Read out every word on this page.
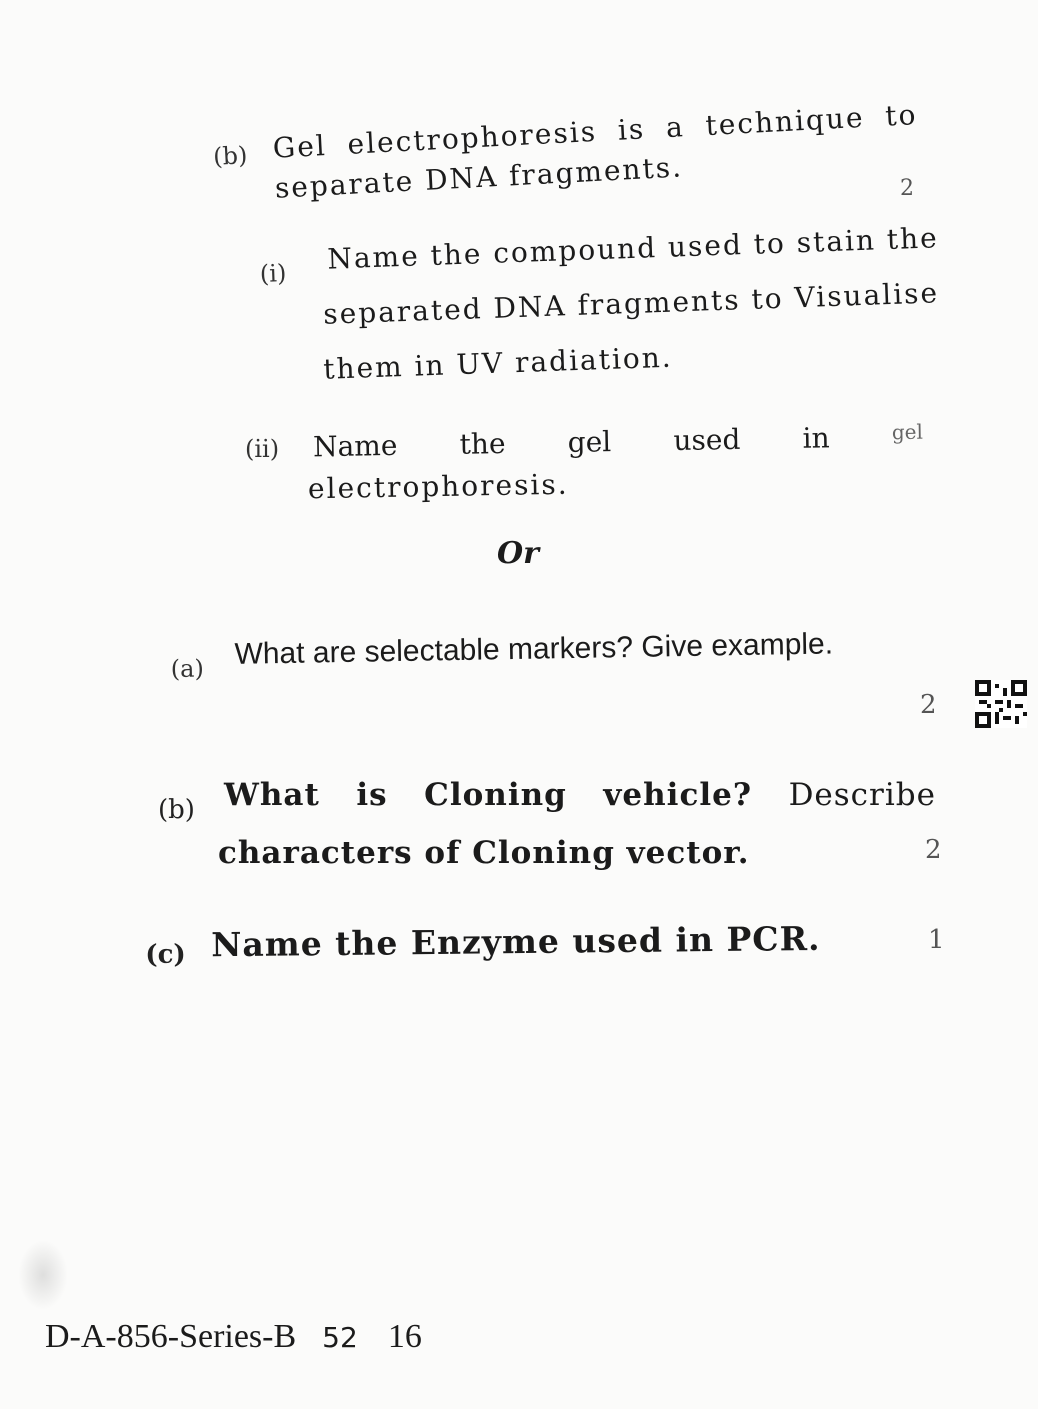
(b) Gel electrophoresis is a technique to
separate DNA fragments.	2
(i) Name the compound used to stain the
separated DNA fragments to Visualise
them in UV radiation.
(ii) Name the gel used in	gel
electrophoresis.
Or
(a) What are selectable markers? Give example.
2
(b) What is Cloning vehicle? Describe
characters of Cloning vector.	2
(c) Name the Enzyme used in PCR.	1
D-A-856-Series-B 52 16
